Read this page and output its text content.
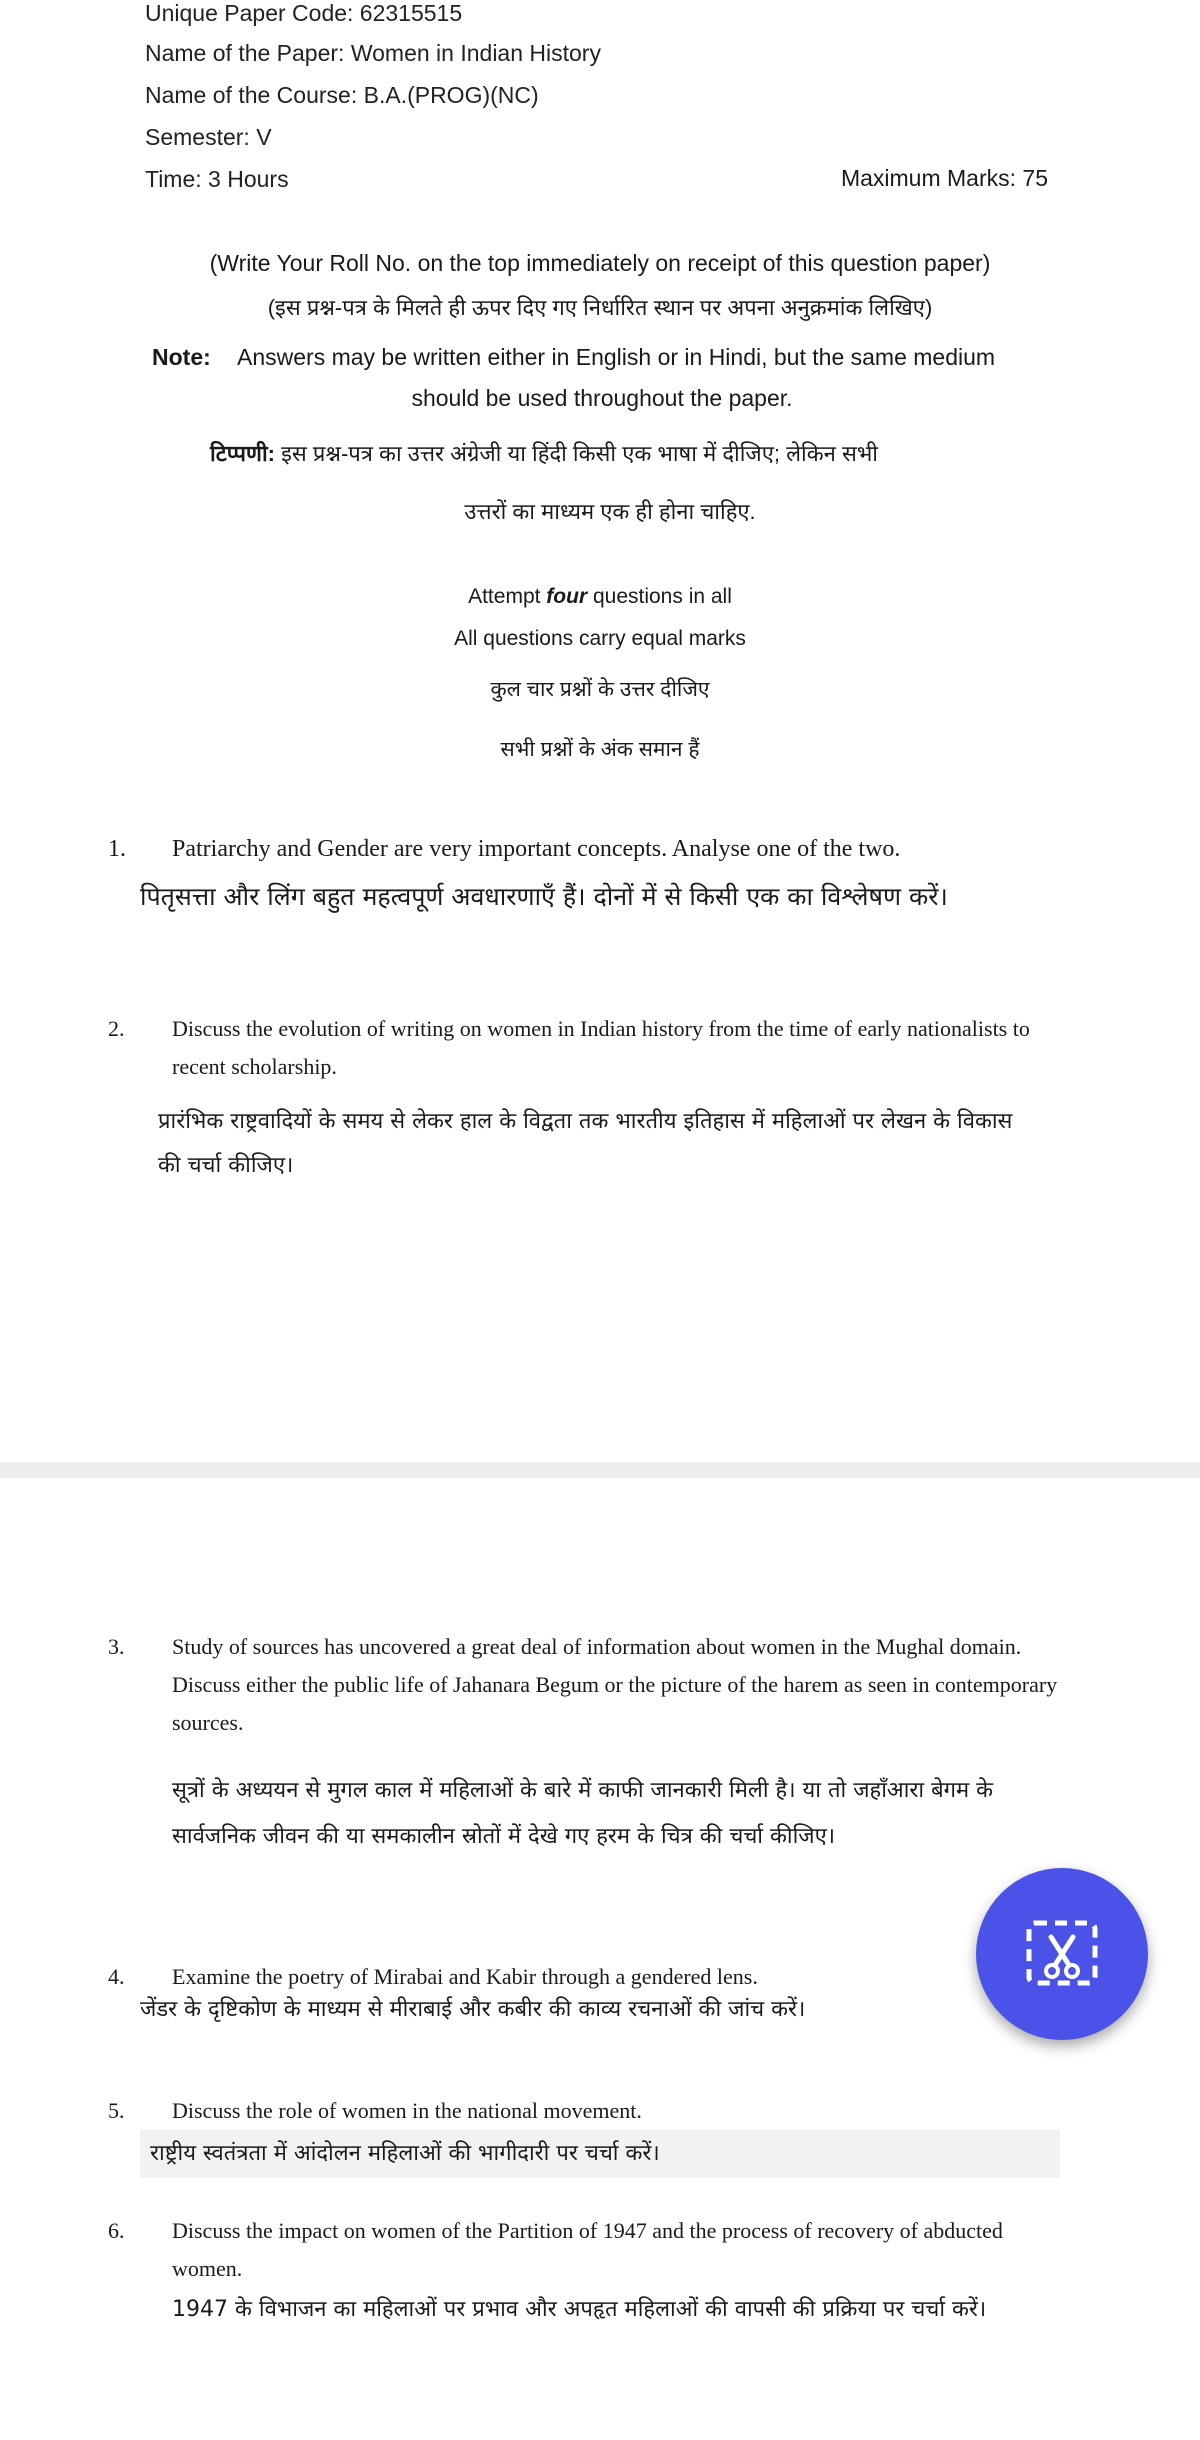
Unique Paper Code: 62315515
Name of the Paper: Women in Indian History
Name of the Course: B.A.(PROG)(NC)
Semester: V
Time: 3 Hours	Maximum Marks: 75
(Write Your Roll No. on the top immediately on receipt of this question paper)
(इस प्रश्न-पत्र के मिलते ही ऊपर दिए गए निर्धारित स्थान पर अपना अनुक्रमांक लिखिए)
Note: Answers may be written either in English or in Hindi, but the same medium
should be used throughout the paper.
टिप्पणी: इस प्रश्न-पत्र का उत्तर अंग्रेजी या हिंदी किसी एक भाषा में दीजिए; लेकिन सभी
उत्तरों का माध्यम एक ही होना चाहिए.
Attempt four questions in all
All questions carry equal marks
कुल चार प्रश्नों के उत्तर दीजिए
सभी प्रश्नों के अंक समान हैं
1. Patriarchy and Gender are very important concepts. Analyse one of the two.
पितृसत्ता और लिंग बहुत महत्वपूर्ण अवधारणाएँ हैं। दोनों में से किसी एक का विश्लेषण करें।
2. Discuss the evolution of writing on women in Indian history from the time of early nationalists to recent scholarship.
प्रारंभिक राष्ट्रवादियों के समय से लेकर हाल के विद्वता तक भारतीय इतिहास में महिलाओं पर लेखन के विकास की चर्चा कीजिए।
3. Study of sources has uncovered a great deal of information about women in the Mughal domain. Discuss either the public life of Jahanara Begum or the picture of the harem as seen in contemporary sources.
सूत्रों के अध्ययन से मुगल काल में महिलाओं के बारे में काफी जानकारी मिली है। या तो जहाँआरा बेगम के सार्वजनिक जीवन की या समकालीन स्रोतों में देखे गए हरम के चित्र की चर्चा कीजिए।
4. Examine the poetry of Mirabai and Kabir through a gendered lens.
जेंडर के दृष्टिकोण के माध्यम से मीराबाई और कबीर की काव्य रचनाओं की जांच करें।
5. Discuss the role of women in the national movement.
राष्ट्रीय स्वतंत्रता में आंदोलन महिलाओं की भागीदारी पर चर्चा करें।
6. Discuss the impact on women of the Partition of 1947 and the process of recovery of abducted women.
1947 के विभाजन का महिलाओं पर प्रभाव और अपहृत महिलाओं की वापसी की प्रक्रिया पर चर्चा करें।
